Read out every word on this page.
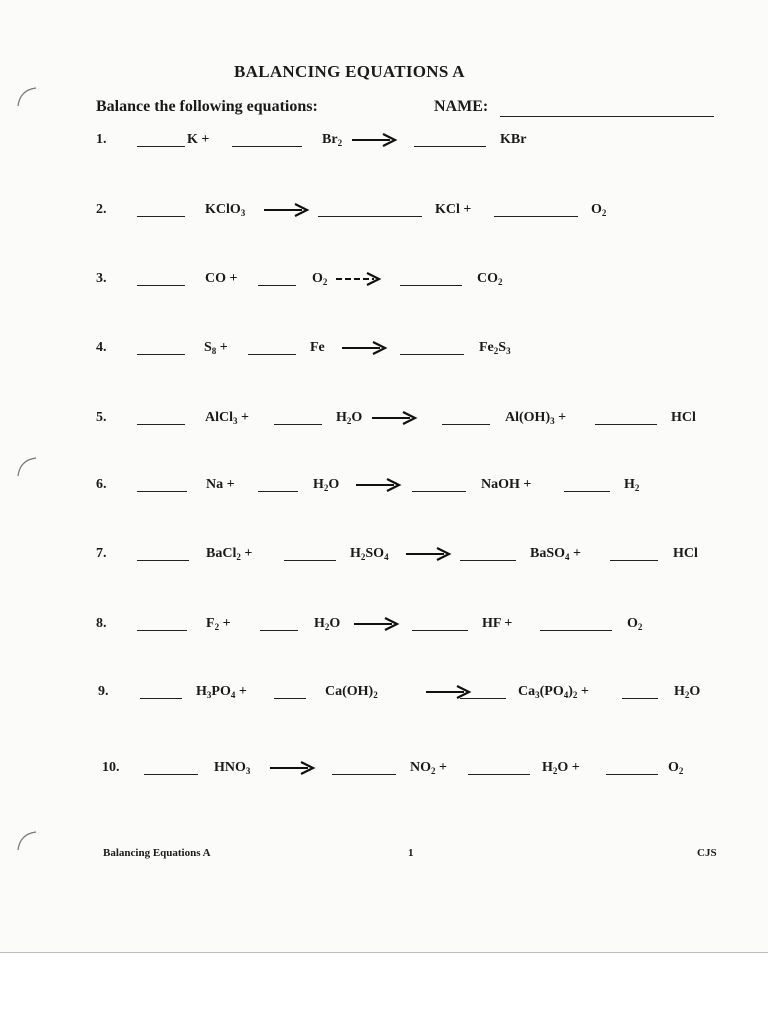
BALANCING EQUATIONS A
Balance the following equations:	NAME:
1.	K +	$Br_2$ →	KBr
2.	KClO$_3$ →	KCl +	$O_2$
3.	CO +	$O_2$ →	$CO_2$
4.	$S_8$ +	Fe →	$Fe_2S_3$
5.	AlCl$_3$ +	$H_2O$ →	$Al(OH)_3$ +	HCl
6.	Na +	$H_2O$ →	NaOH +	$H_2$
7.	BaCl$_2$ +	$H_2SO_4$ →	BaSO$_4$ +	HCl
8.	$F_2$ +	$H_2O$ →	HF +	$O_2$
9.	$H_3PO_4$ +	$Ca(OH)_2$	$Ca_3(PO_4)_2$ +	$H_2O$
10.	$HNO_3$ →	$NO_2$ +	$H_2O$ +	$O_2$
Balancing Equations A	1	CJS
